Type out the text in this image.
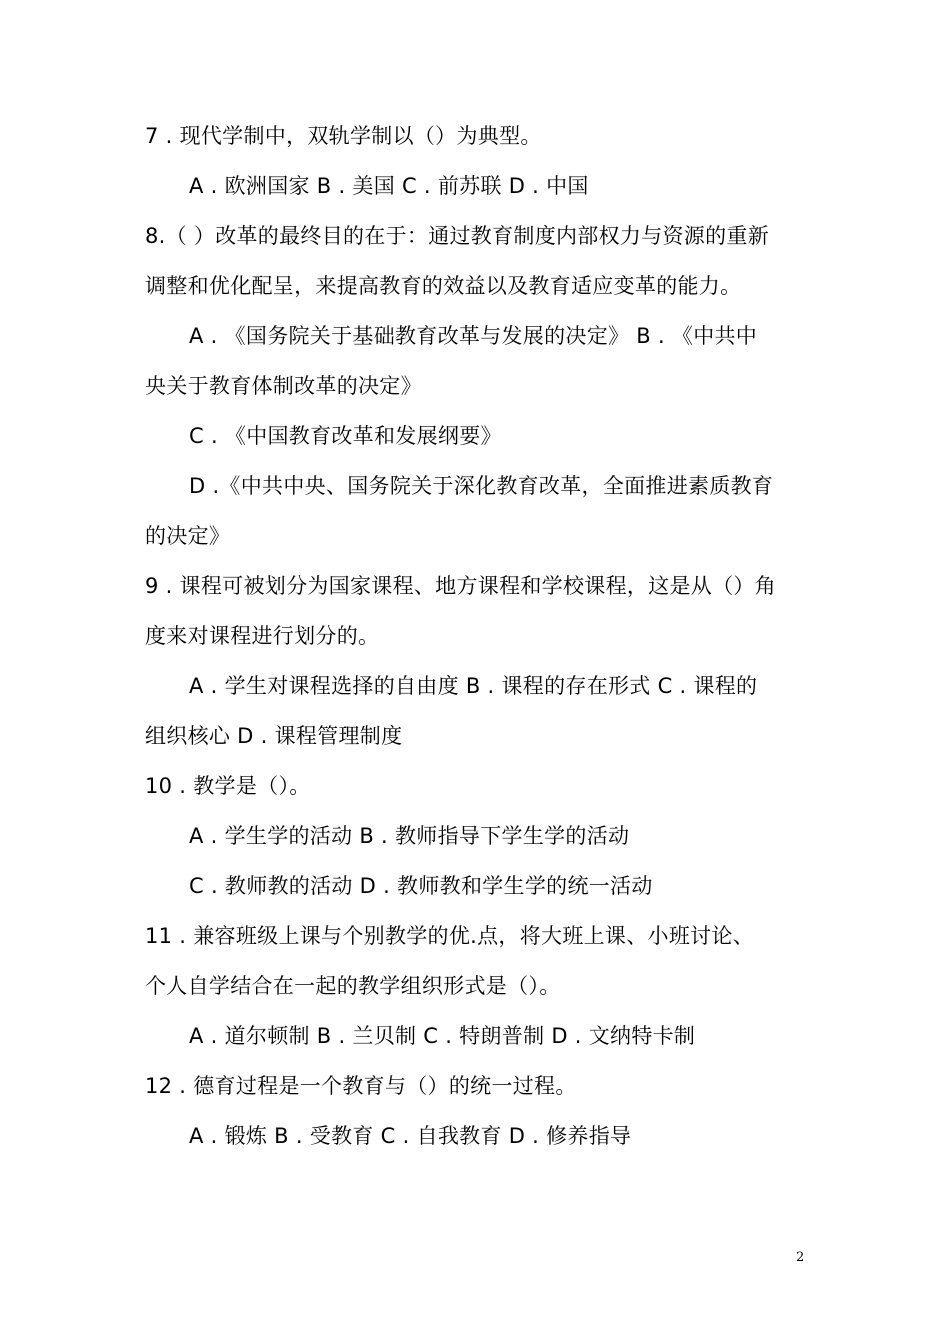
7 . 现代学制中，双轨学制以（）为典型。
A . 欧洲国家 B . 美国 C . 前苏联 D . 中国
8.（ ）改革的最终目的在于：通过教育制度内部权力与资源的重新
调整和优化配呈，来提高教育的效益以及教育适应变革的能力。
A . 《国务院关于基础教育改革与发展的决定》 B . 《中共中
央关于教育体制改革的决定》
C . 《中国教育改革和发展纲要》
D .《中共中央、国务院关于深化教育改革，全面推进素质教育
的决定》
9 . 课程可被划分为国家课程、地方课程和学校课程，这是从（）角
度来对课程进行划分的。
A . 学生对课程选择的自由度 B . 课程的存在形式 C . 课程的
组织核心 D . 课程管理制度
10 . 教学是（）。
A . 学生学的活动 B . 教师指导下学生学的活动
C . 教师教的活动 D . 教师教和学生学的统一活动
11 . 兼容班级上课与个别教学的优.点，将大班上课、小班讨论、
个人自学结合在一起的教学组织形式是（）。
A . 道尔顿制 B . 兰贝制 C . 特朗普制 D . 文纳特卡制
12 . 德育过程是一个教育与（）的统一过程。
A . 锻炼 B . 受教育 C . 自我教育 D . 修养指导
2
